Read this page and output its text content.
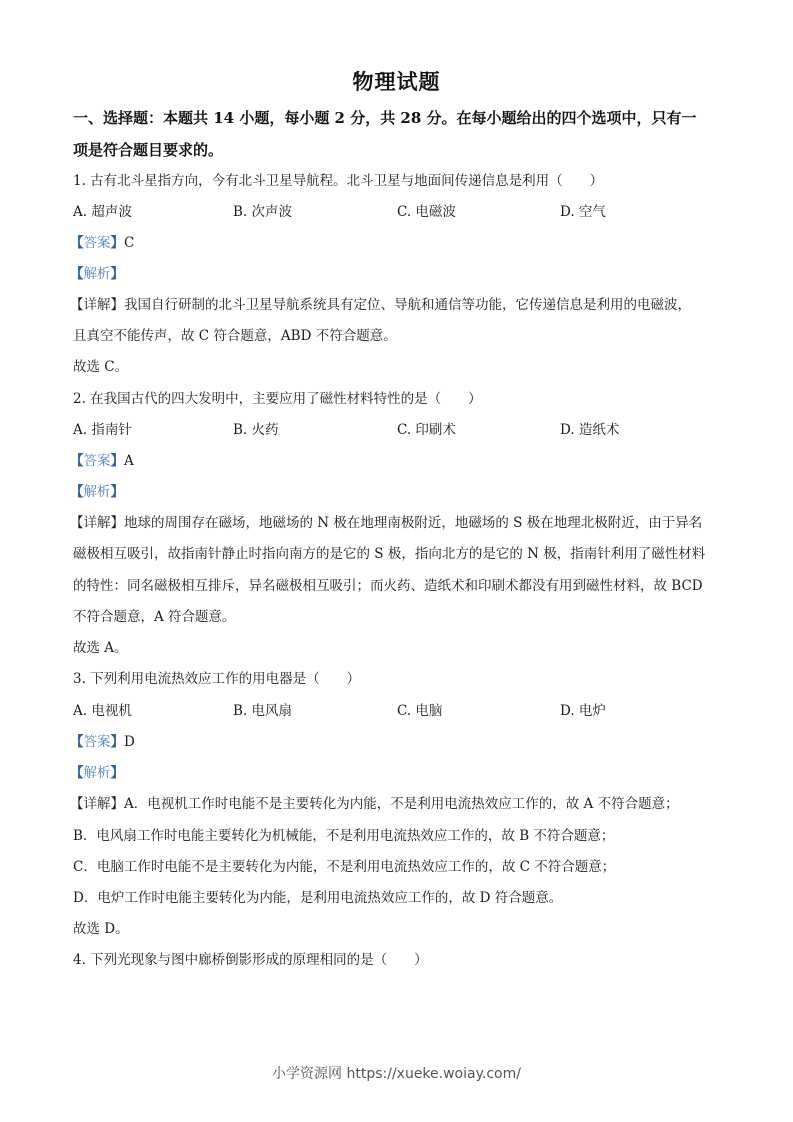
物理试题
一、选择题：本题共 14 小题，每小题 2 分，共 28 分。在每小题给出的四个选项中，只有一
项是符合题目要求的。
1. 古有北斗星指方向，今有北斗卫星导航程。北斗卫星与地面间传递信息是利用（　　）
A. 超声波	B. 次声波	C. 电磁波	D. 空气
【答案】C
【解析】
【详解】我国自行研制的北斗卫星导航系统具有定位、导航和通信等功能，它传递信息是利用的电磁波，
且真空不能传声，故 C 符合题意，ABD 不符合题意。
故选 C。
2. 在我国古代的四大发明中，主要应用了磁性材料特性的是（　　）
A. 指南针	B. 火药	C. 印刷术	D. 造纸术
【答案】A
【解析】
【详解】地球的周围存在磁场，地磁场的 N 极在地理南极附近，地磁场的 S 极在地理北极附近，由于异名
磁极相互吸引，故指南针静止时指向南方的是它的 S 极，指向北方的是它的 N 极，指南针利用了磁性材料
的特性：同名磁极相互排斥，异名磁极相互吸引；而火药、造纸术和印刷术都没有用到磁性材料，故 BCD
不符合题意，A 符合题意。
故选 A。
3. 下列利用电流热效应工作的用电器是（　　）
A. 电视机	B. 电风扇	C. 电脑	D. 电炉
【答案】D
【解析】
【详解】A．电视机工作时电能不是主要转化为内能，不是利用电流热效应工作的，故 A 不符合题意；
B．电风扇工作时电能主要转化为机械能，不是利用电流热效应工作的，故 B 不符合题意；
C．电脑工作时电能不是主要转化为内能，不是利用电流热效应工作的，故 C 不符合题意；
D．电炉工作时电能主要转化为内能，是利用电流热效应工作的，故 D 符合题意。
故选 D。
4. 下列光现象与图中廊桥倒影形成的原理相同的是（　　）
小学资源网 https://xueke.woiay.com/
